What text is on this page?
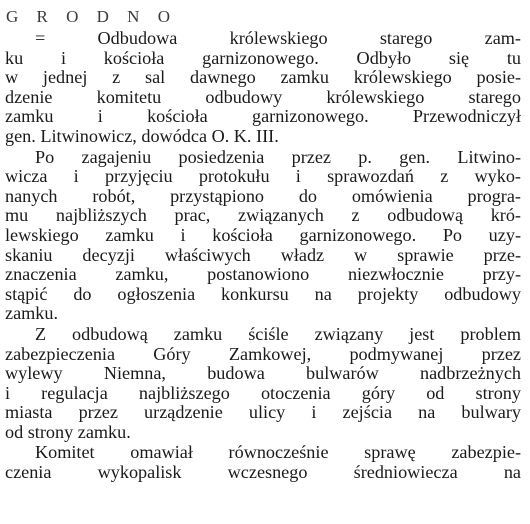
G R O D N O
= Odbudowa królewskiego starego zam-
ku i kościoła garnizonowego. Odbyło się tu
w jednej z sal dawnego zamku królewskiego posie-
dzenie komitetu odbudowy królewskiego starego
zamku i kościoła garnizonowego. Przewodniczył
gen. Litwinowicz, dowódca O. K. III.
Po zagajeniu posiedzenia przez p. gen. Litwino-
wicza i przyjęciu protokułu i sprawozdań z wyko-
nanych robót, przystąpiono do omówienia progra-
mu najbliższych prac, związanych z odbudową kró-
lewskiego zamku i kościoła garnizonowego. Po uzy-
skaniu decyzji właściwych władz w sprawie prze-
znaczenia zamku, postanowiono niezwłocznie przy-
stąpić do ogłoszenia konkursu na projekty odbudowy
zamku.
Z odbudową zamku ściśle związany jest problem
zabezpieczenia Góry Zamkowej, podmywanej przez
wylewy Niemna, budowa bulwarów nadbrzeżnych
i regulacja najbliższego otoczenia góry od strony
miasta przez urządzenie ulicy i zejścia na bulwary
od strony zamku.
Komitet omawiał równocześnie sprawę zabezpie-
czenia wykopalisk wczesnego średniowiecza na
